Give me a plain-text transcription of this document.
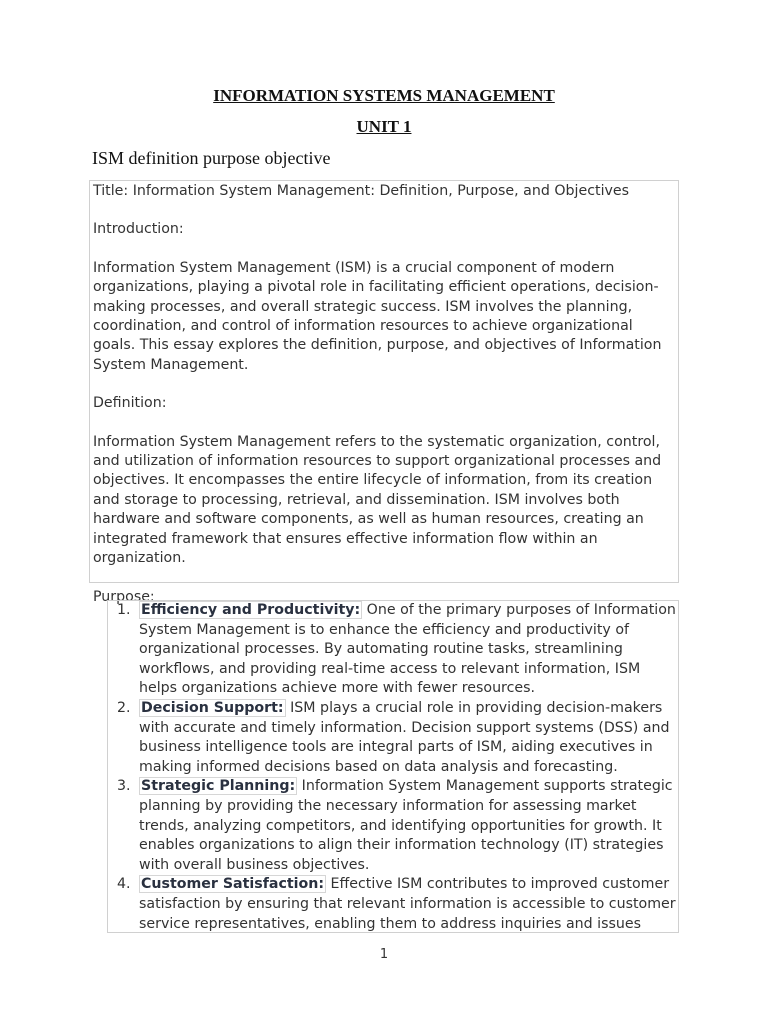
INFORMATION SYSTEMS MANAGEMENT
UNIT 1
ISM definition purpose objective

Title: Information System Management: Definition, Purpose, and Objectives

Introduction:

Information System Management (ISM) is a crucial component of modern organizations, playing a pivotal role in facilitating efficient operations, decision-making processes, and overall strategic success. ISM involves the planning, coordination, and control of information resources to achieve organizational goals. This essay explores the definition, purpose, and objectives of Information System Management.

Definition:

Information System Management refers to the systematic organization, control, and utilization of information resources to support organizational processes and objectives. It encompasses the entire lifecycle of information, from its creation and storage to processing, retrieval, and dissemination. ISM involves both hardware and software components, as well as human resources, creating an integrated framework that ensures effective information flow within an organization.

Purpose:

1. Efficiency and Productivity: One of the primary purposes of Information System Management is to enhance the efficiency and productivity of organizational processes. By automating routine tasks, streamlining workflows, and providing real-time access to relevant information, ISM helps organizations achieve more with fewer resources.
2. Decision Support: ISM plays a crucial role in providing decision-makers with accurate and timely information. Decision support systems (DSS) and business intelligence tools are integral parts of ISM, aiding executives in making informed decisions based on data analysis and forecasting.
3. Strategic Planning: Information System Management supports strategic planning by providing the necessary information for assessing market trends, analyzing competitors, and identifying opportunities for growth. It enables organizations to align their information technology (IT) strategies with overall business objectives.
4. Customer Satisfaction: Effective ISM contributes to improved customer satisfaction by ensuring that relevant information is accessible to customer service representatives, enabling them to address inquiries and issues
1
